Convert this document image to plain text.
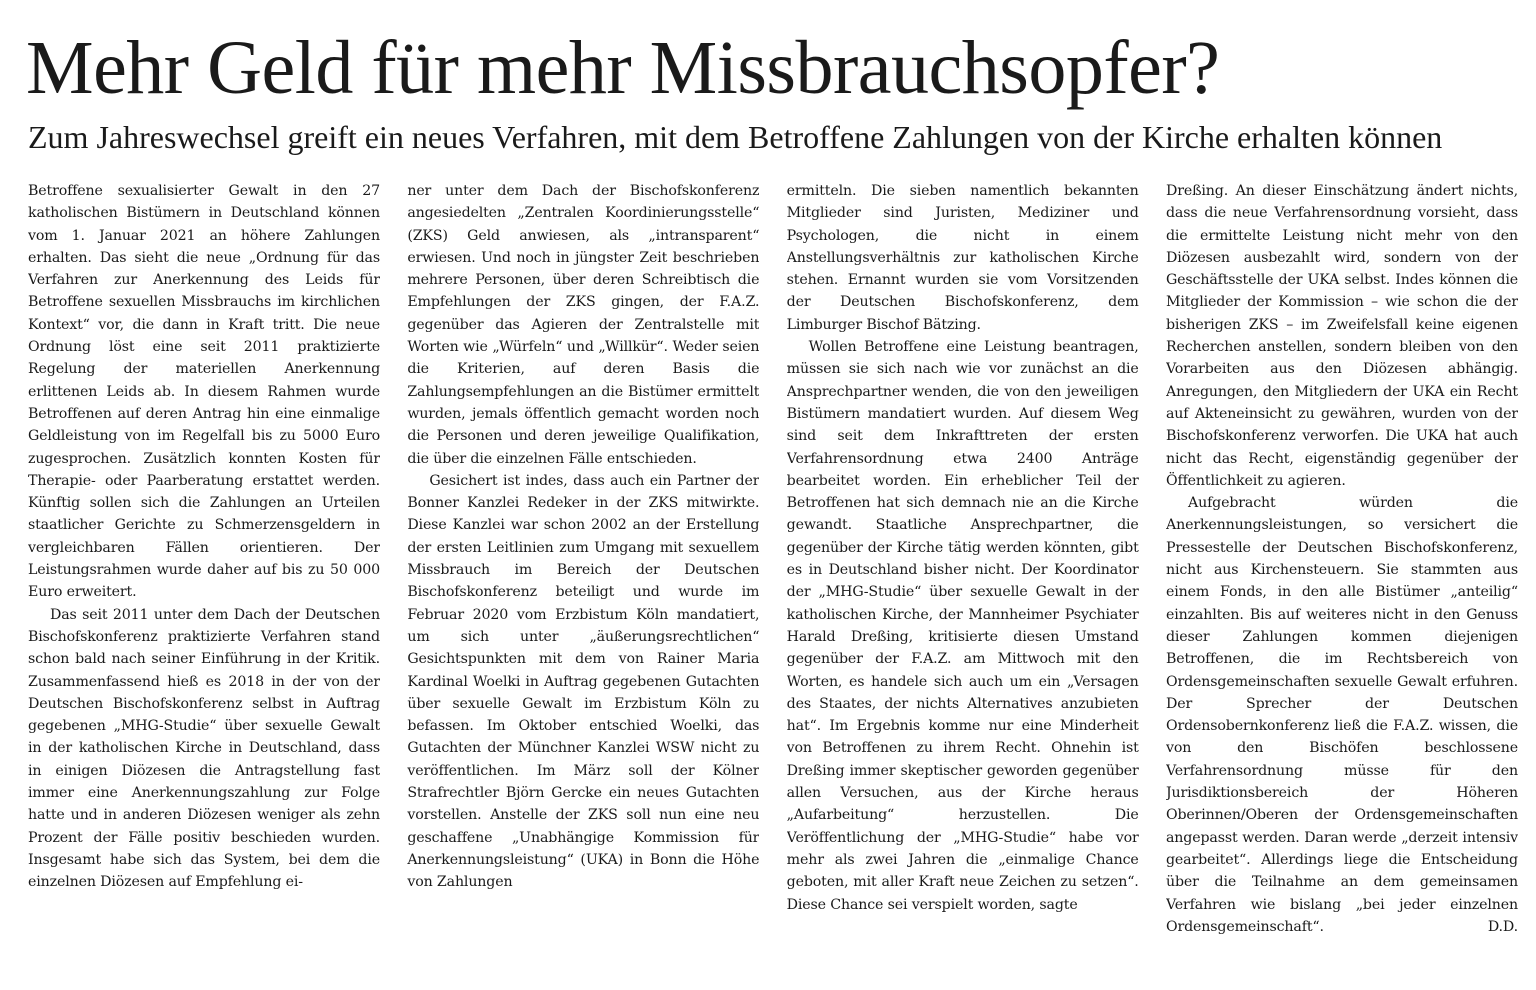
Mehr Geld für mehr Missbrauchsopfer?
Zum Jahreswechsel greift ein neues Verfahren, mit dem Betroffene Zahlungen von der Kirche erhalten können

Betroffene sexualisierter Gewalt in den 27 katholischen Bistümern in Deutschland können vom 1. Januar 2021 an höhere Zahlungen erhalten. Das sieht die neue „Ordnung für das Verfahren zur Anerkennung des Leids für Betroffene sexuellen Missbrauchs im kirchlichen Kontext“ vor, die dann in Kraft tritt. Die neue Ordnung löst eine seit 2011 praktizierte Regelung der materiellen Anerkennung erlittenen Leids ab. In diesem Rahmen wurde Betroffenen auf deren Antrag hin eine einmalige Geldleistung von im Regelfall bis zu 5000 Euro zugesprochen. Zusätzlich konnten Kosten für Therapie- oder Paarberatung erstattet werden. Künftig sollen sich die Zahlungen an Urteilen staatlicher Gerichte zu Schmerzensgeldern in vergleichbaren Fällen orientieren. Der Leistungsrahmen wurde daher auf bis zu 50 000 Euro erweitert.

Das seit 2011 unter dem Dach der Deutschen Bischofskonferenz praktizierte Verfahren stand schon bald nach seiner Einführung in der Kritik. Zusammenfassend hieß es 2018 in der von der Deutschen Bischofskonferenz selbst in Auftrag gegebenen „MHG-Studie“ über sexuelle Gewalt in der katholischen Kirche in Deutschland, dass in einigen Diözesen die Antragstellung fast immer eine Anerkennungszahlung zur Folge hatte und in anderen Diözesen weniger als zehn Prozent der Fälle positiv beschieden wurden. Insgesamt habe sich das System, bei dem die einzelnen Diözesen auf Empfehlung ei-

ner unter dem Dach der Bischofskonferenz angesiedelten „Zentralen Koordinierungsstelle“ (ZKS) Geld anwiesen, als „intransparent“ erwiesen. Und noch in jüngster Zeit beschrieben mehrere Personen, über deren Schreibtisch die Empfehlungen der ZKS gingen, der F.A.Z. gegenüber das Agieren der Zentralstelle mit Worten wie „Würfeln“ und „Willkür“. Weder seien die Kriterien, auf deren Basis die Zahlungsempfehlungen an die Bistümer ermittelt wurden, jemals öffentlich gemacht worden noch die Personen und deren jeweilige Qualifikation, die über die einzelnen Fälle entschieden.

Gesichert ist indes, dass auch ein Partner der Bonner Kanzlei Redeker in der ZKS mitwirkte. Diese Kanzlei war schon 2002 an der Erstellung der ersten Leitlinien zum Umgang mit sexuellem Missbrauch im Bereich der Deutschen Bischofskonferenz beteiligt und wurde im Februar 2020 vom Erzbistum Köln mandatiert, um sich unter „äußerungsrechtlichen“ Gesichtspunkten mit dem von Rainer Maria Kardinal Woelki in Auftrag gegebenen Gutachten über sexuelle Gewalt im Erzbistum Köln zu befassen. Im Oktober entschied Woelki, das Gutachten der Münchner Kanzlei WSW nicht zu veröffentlichen. Im März soll der Kölner Strafrechtler Björn Gercke ein neues Gutachten vorstellen. Anstelle der ZKS soll nun eine neu geschaffene „Unabhängige Kommission für Anerkennungsleistung“ (UKA) in Bonn die Höhe von Zahlungen

ermitteln. Die sieben namentlich bekannten Mitglieder sind Juristen, Mediziner und Psychologen, die nicht in einem Anstellungsverhältnis zur katholischen Kirche stehen. Ernannt wurden sie vom Vorsitzenden der Deutschen Bischofskonferenz, dem Limburger Bischof Bätzing.

Wollen Betroffene eine Leistung beantragen, müssen sie sich nach wie vor zunächst an die Ansprechpartner wenden, die von den jeweiligen Bistümern mandatiert wurden. Auf diesem Weg sind seit dem Inkrafttreten der ersten Verfahrensordnung etwa 2400 Anträge bearbeitet worden. Ein erheblicher Teil der Betroffenen hat sich demnach nie an die Kirche gewandt. Staatliche Ansprechpartner, die gegenüber der Kirche tätig werden könnten, gibt es in Deutschland bisher nicht. Der Koordinator der „MHG-Studie“ über sexuelle Gewalt in der katholischen Kirche, der Mannheimer Psychiater Harald Dreßing, kritisierte diesen Umstand gegenüber der F.A.Z. am Mittwoch mit den Worten, es handele sich auch um ein „Versagen des Staates, der nichts Alternatives anzubieten hat“. Im Ergebnis komme nur eine Minderheit von Betroffenen zu ihrem Recht. Ohnehin ist Dreßing immer skeptischer geworden gegenüber allen Versuchen, aus der Kirche heraus „Aufarbeitung“ herzustellen. Die Veröffentlichung der „MHG-Studie“ habe vor mehr als zwei Jahren die „einmalige Chance geboten, mit aller Kraft neue Zeichen zu setzen“. Diese Chance sei verspielt worden, sagte

Dreßing. An dieser Einschätzung ändert nichts, dass die neue Verfahrensordnung vorsieht, dass die ermittelte Leistung nicht mehr von den Diözesen ausbezahlt wird, sondern von der Geschäftsstelle der UKA selbst. Indes können die Mitglieder der Kommission – wie schon die der bisherigen ZKS – im Zweifelsfall keine eigenen Recherchen anstellen, sondern bleiben von den Vorarbeiten aus den Diözesen abhängig. Anregungen, den Mitgliedern der UKA ein Recht auf Akteneinsicht zu gewähren, wurden von der Bischofskonferenz verworfen. Die UKA hat auch nicht das Recht, eigenständig gegenüber der Öffentlichkeit zu agieren.

Aufgebracht würden die Anerkennungsleistungen, so versichert die Pressestelle der Deutschen Bischofskonferenz, nicht aus Kirchensteuern. Sie stammten aus einem Fonds, in den alle Bistümer „anteilig“ einzahlten. Bis auf weiteres nicht in den Genuss dieser Zahlungen kommen diejenigen Betroffenen, die im Rechtsbereich von Ordensgemeinschaften sexuelle Gewalt erfuhren. Der Sprecher der Deutschen Ordensobernkonferenz ließ die F.A.Z. wissen, die von den Bischöfen beschlossene Verfahrensordnung müsse für den Jurisdiktionsbereich der Höheren Oberinnen/Oberen der Ordensgemeinschaften angepasst werden. Daran werde „derzeit intensiv gearbeitet“. Allerdings liege die Entscheidung über die Teilnahme an dem gemeinsamen Verfahren wie bislang „bei jeder einzelnen Ordensgemeinschaft“.	D.D.
